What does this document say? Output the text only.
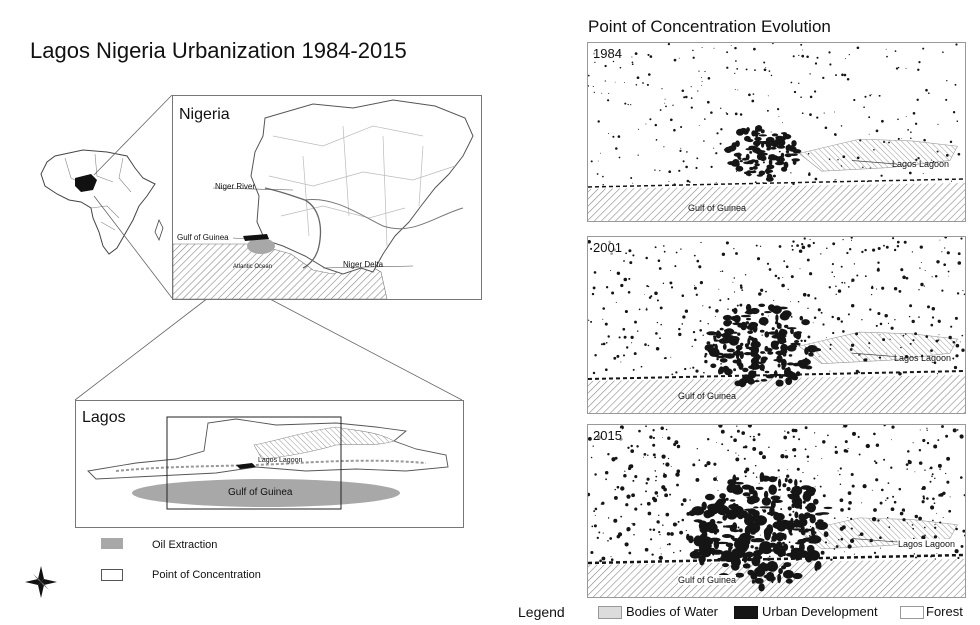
Lagos Nigeria Urbanization 1984-2015
Nigeria
Niger River
Gulf of Guinea
Atlantic Ocean	Niger Delta
Lagos
Lagos Lagoon
Gulf of Guinea
Oil Extraction
Point of Concentration
Point of Concentration Evolution
1984
Lagos Lagoon
Gulf of Guinea
2001
Lagos Lagoon
Gulf of Guinea
2015
Lagos Lagoon
Gulf of Guinea
Legend	Bodies of Water	Urban Development	Forest
